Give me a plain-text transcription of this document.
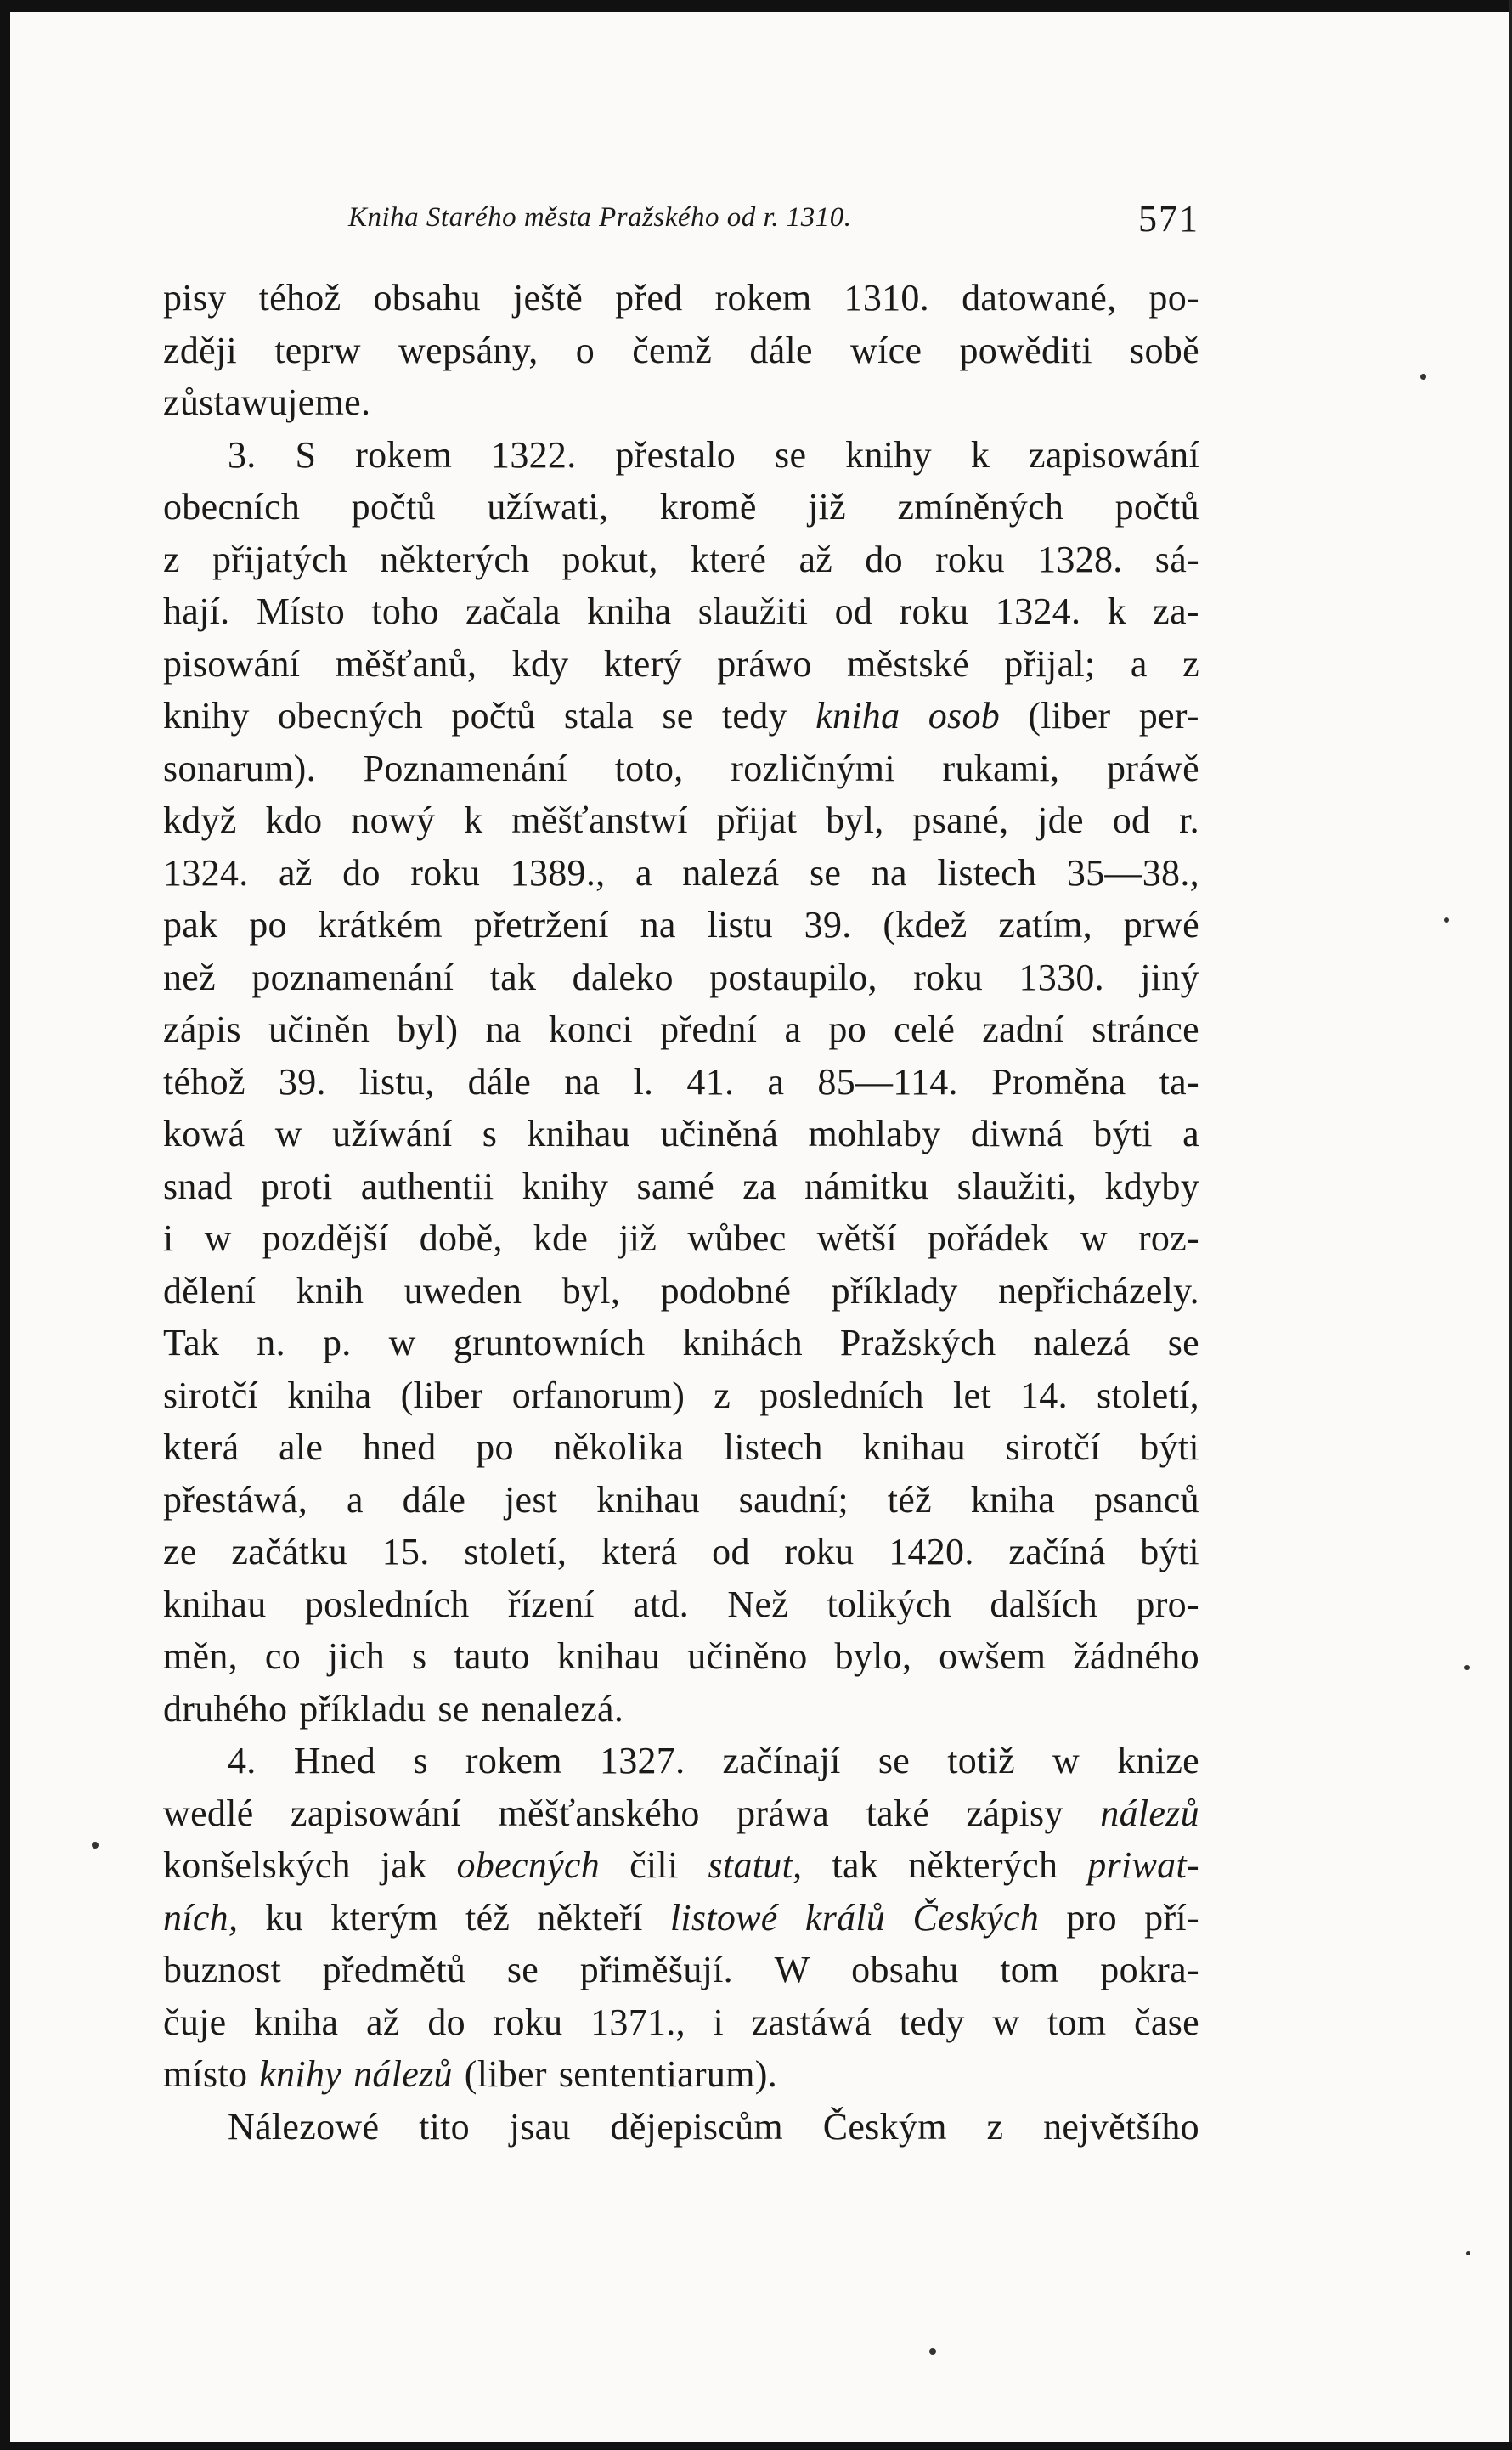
Kniha Starého města Pražského od r. 1310.	571
pisy téhož obsahu ještě před rokem 1310. datowané, po-
zději teprw wepsány, o čemž dále wíce powěditi sobě
zůstawujeme.
3. S rokem 1322. přestalo se knihy k zapisowání
obecních počtů užíwati, kromě již zmíněných počtů
z přijatých některých pokut, které až do roku 1328. sá-
hají. Místo toho začala kniha slaužiti od roku 1324. k za-
pisowání měšťanů, kdy který práwo městské přijal; a z
knihy obecných počtů stala se tedy kniha osob (liber per-
sonarum). Poznamenání toto, rozličnými rukami, práwě
když kdo nowý k měšťanstwí přijat byl, psané, jde od r.
1324. až do roku 1389., a nalezá se na listech 35—38.,
pak po krátkém přetržení na listu 39. (kdež zatím, prwé
než poznamenání tak daleko postaupilo, roku 1330. jiný
zápis učiněn byl) na konci přední a po celé zadní stránce
téhož 39. listu, dále na l. 41. a 85—114. Proměna ta-
kowá w užíwání s knihau učiněná mohlaby diwná býti a
snad proti authentii knihy samé za námitku slaužiti, kdyby
i w pozdější době, kde již wůbec wětší pořádek w roz-
dělení knih uweden byl, podobné příklady nepřicházely.
Tak n. p. w gruntowních knihách Pražských nalezá se
sirotčí kniha (liber orfanorum) z posledních let 14. století,
která ale hned po několika listech knihau sirotčí býti
přestáwá, a dále jest knihau saudní; též kniha psanců
ze začátku 15. století, která od roku 1420. začíná býti
knihau posledních řízení atd. Než tolikých dalších pro-
měn, co jich s tauto knihau učiněno bylo, owšem žádného
druhého příkladu se nenalezá.
4. Hned s rokem 1327. začínají se totiž w knize
wedlé zapisowání měšťanského práwa také zápisy nálezů
konšelských jak obecných čili statut, tak některých priwat-
ních, ku kterým též někteří listowé králů Českých pro pří-
buznost předmětů se přiměšují. W obsahu tom pokra-
čuje kniha až do roku 1371., i zastáwá tedy w tom čase
místo knihy nálezů (liber sententiarum).
Nálezowé tito jsau dějepiscům Českým z největšího
